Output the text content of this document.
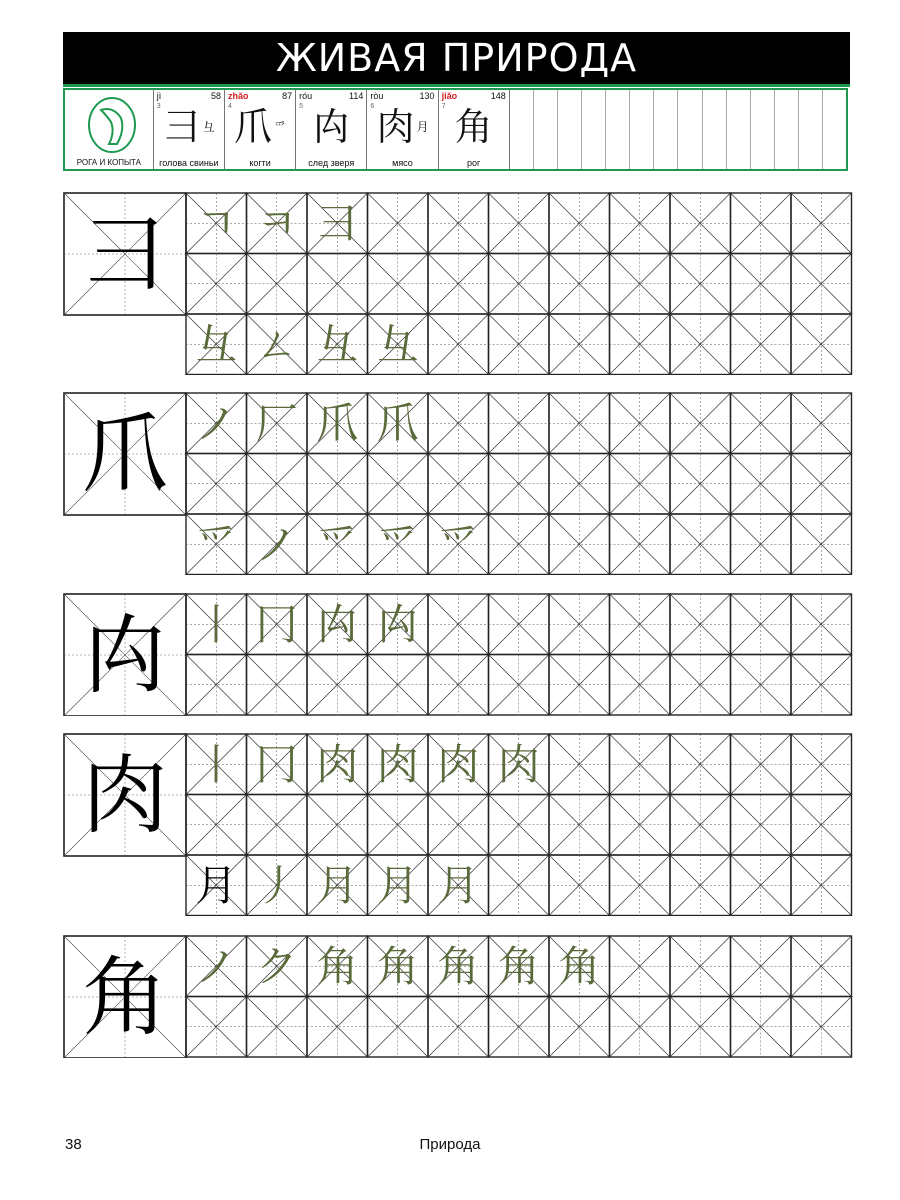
ЖИВАЯ ПРИРОДА
РОГА И КОПЫТА
jì	58
3 彐 $^彑$
голова свиньи
zhǎo	87
4 爪 $^爫$
когти
róu	114
5 禸
след зверя
ròu	130
6 肉 $^月$
мясо
jiǎo	148
7 角
рог
彐 ㄱ ㅋ 彐
彑 ㄥ 彑 彑
爪 ノ 厂 爪 爪
爫 ノ 爫 爫 爫
禸 丨 冂 禸 禸
肉 丨 冂 肉 肉 肉 肉
月 丿 月 月 月
角 ノ ク 角 角 角 角 角
38	Природа
